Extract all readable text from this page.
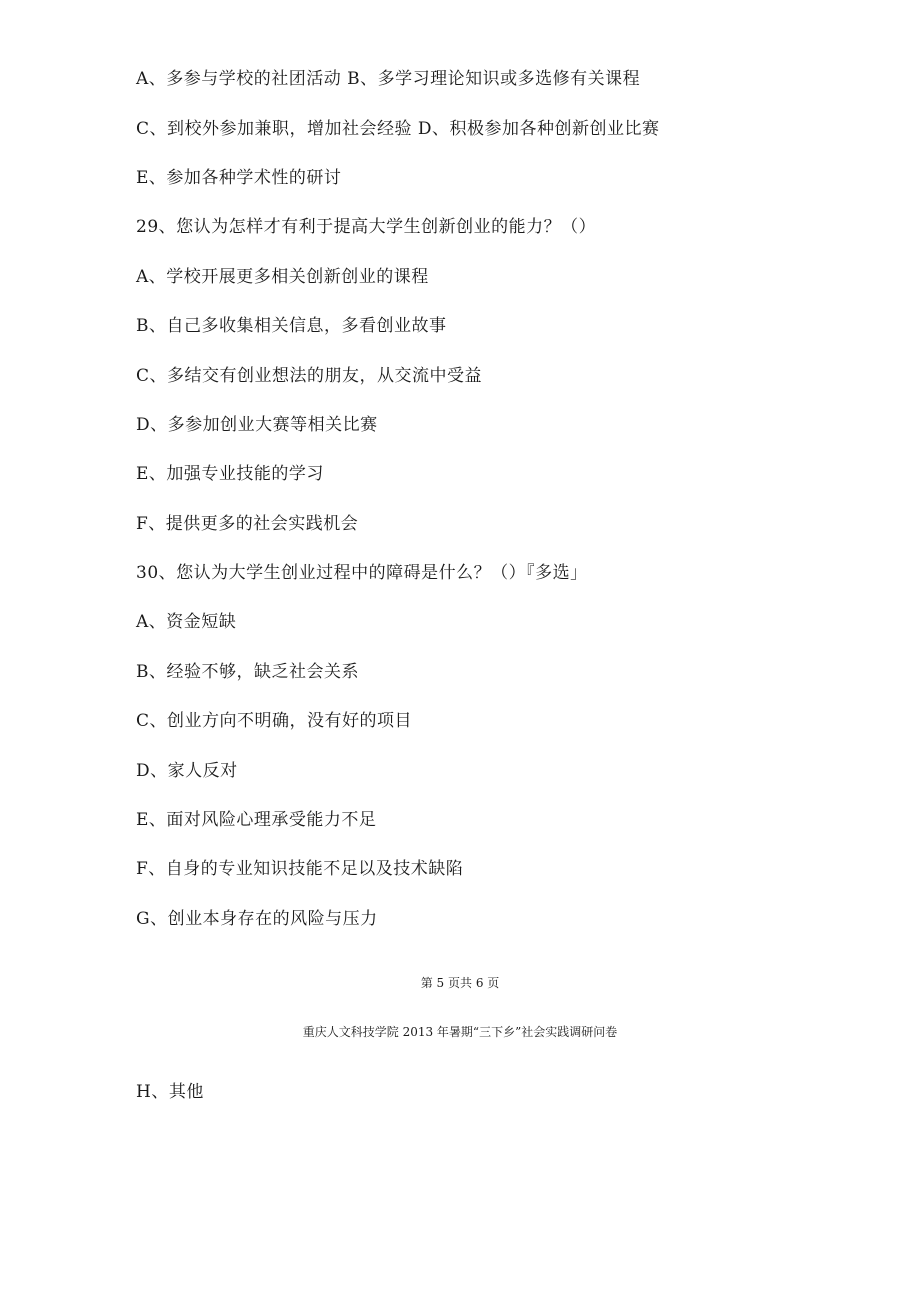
A、多参与学校的社团活动 B、多学习理论知识或多选修有关课程
C、到校外参加兼职，增加社会经验 D、积极参加各种创新创业比赛
E、参加各种学术性的研讨
29、您认为怎样才有利于提高大学生创新创业的能力？（）
A、学校开展更多相关创新创业的课程
B、自己多收集相关信息，多看创业故事
C、多结交有创业想法的朋友，从交流中受益
D、多参加创业大赛等相关比赛
E、加强专业技能的学习
F、提供更多的社会实践机会
30、您认为大学生创业过程中的障碍是什么？（）『多选」
A、资金短缺
B、经验不够，缺乏社会关系
C、创业方向不明确，没有好的项目
D、家人反对
E、面对风险心理承受能力不足
F、自身的专业知识技能不足以及技术缺陷
G、创业本身存在的风险与压力
第 5 页共 6 页
重庆人文科技学院 2013 年暑期“三下乡”社会实践调研问卷
H、其他
